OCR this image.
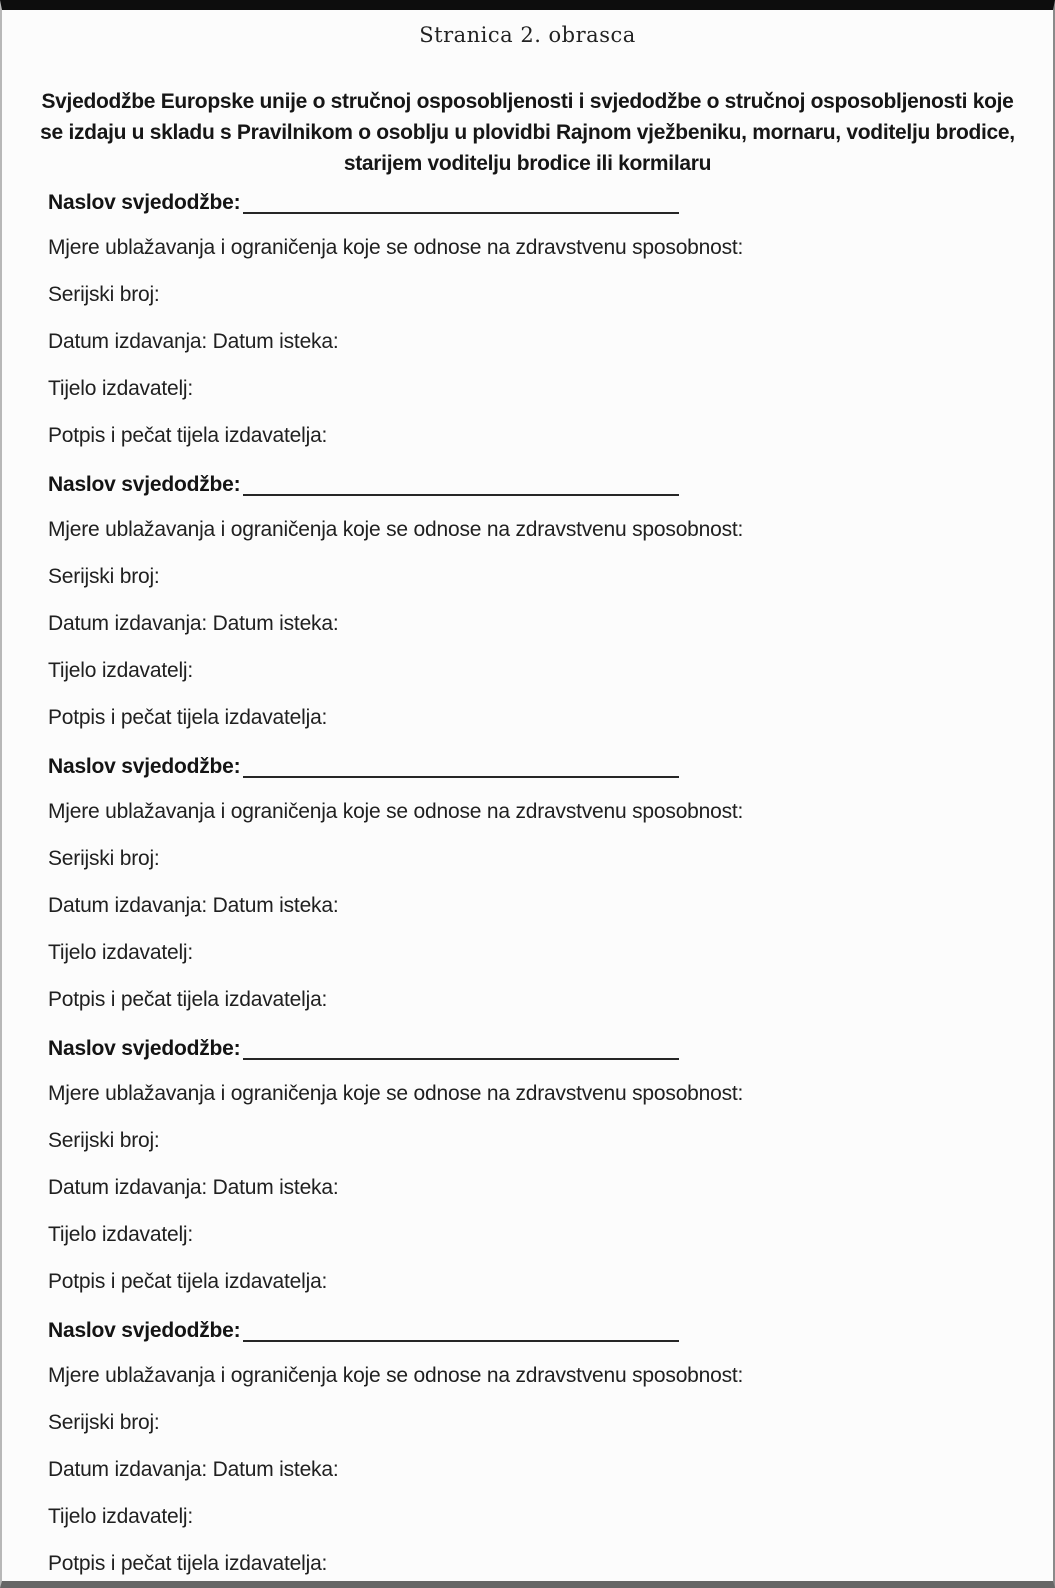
Stranica 2. obrasca
Svjedodžbe Europske unije o stručnoj osposobljenosti i svjedodžbe o stručnoj osposobljenosti koje
se izdaju u skladu s Pravilnikom o osoblju u plovidbi Rajnom vježbeniku, mornaru, voditelju brodice,
starijem voditelju brodice ili kormilaru
Naslov svjedodžbe:
Mjere ublažavanja i ograničenja koje se odnose na zdravstvenu sposobnost:
Serijski broj:
Datum izdavanja: Datum isteka:
Tijelo izdavatelj:
Potpis i pečat tijela izdavatelja:
Naslov svjedodžbe:
Mjere ublažavanja i ograničenja koje se odnose na zdravstvenu sposobnost:
Serijski broj:
Datum izdavanja: Datum isteka:
Tijelo izdavatelj:
Potpis i pečat tijela izdavatelja:
Naslov svjedodžbe:
Mjere ublažavanja i ograničenja koje se odnose na zdravstvenu sposobnost:
Serijski broj:
Datum izdavanja: Datum isteka:
Tijelo izdavatelj:
Potpis i pečat tijela izdavatelja:
Naslov svjedodžbe:
Mjere ublažavanja i ograničenja koje se odnose na zdravstvenu sposobnost:
Serijski broj:
Datum izdavanja: Datum isteka:
Tijelo izdavatelj:
Potpis i pečat tijela izdavatelja:
Naslov svjedodžbe:
Mjere ublažavanja i ograničenja koje se odnose na zdravstvenu sposobnost:
Serijski broj:
Datum izdavanja: Datum isteka:
Tijelo izdavatelj:
Potpis i pečat tijela izdavatelja:
